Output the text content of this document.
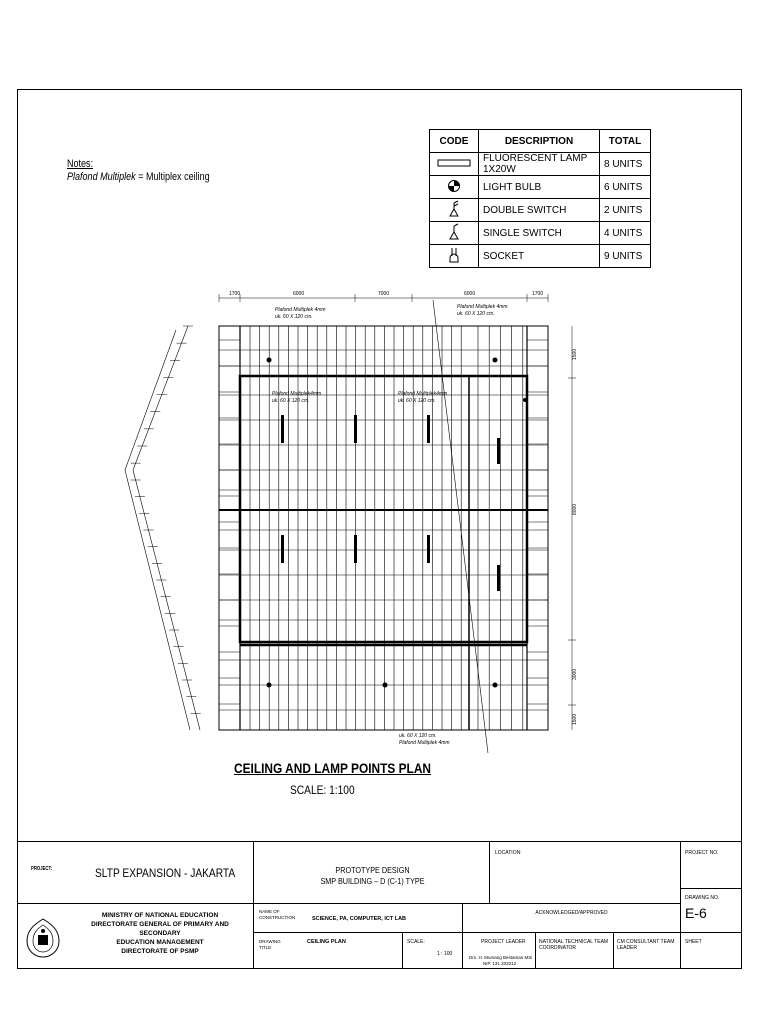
Notes:
Plafond Multiplek = Multiplex ceiling
CODE	DESCRIPTION	TOTAL
	FLUORESCENT LAMP 1X20W	8 UNITS
	LIGHT BULB	6 UNITS
	DOUBLE SWITCH	2 UNITS
	SINGLE SWITCH	4 UNITS
	SOCKET	9 UNITS
1700	6000	7000	6000	1700
Plafond Multiplek 4mm
uk. 60 X 120 cm.
Plafond Multiplek 4mm
uk. 60 X 120 cm.
Plafond Multiplek4mm
uk. 60 X 120 cm.
Plafond Multiplek4mm
uk. 60 X 120 cm.
uk. 60 X 120 cm.
Plafond Multiplek 4mm
1500
8000
3000
1500
CEILING AND LAMP POINTS PLAN
SCALE: 1:100
PROJECT:	SLTP EXPANSION - JAKARTA	PROTOTYPE DESIGN
SMP BUILDING – D (C-1) TYPE
LOCATION:	PROJECT NO.
DRAWING NO.
E-6
MINISTRY OF NATIONAL EDUCATION
DIRECTORATE GENERAL OF PRIMARY AND SECONDARY
EDUCATION MANAGEMENT
DIRECTORATE OF PSMP
NAME OF CONSTRUCTION	SCIENCE, PA, COMPUTER, ICT LAB
ACKNOWLEDGED/APPROVED
DRAWING TITLE
CEILING PLAN	SCALE:
1 : 100
PROJECT LEADER
Drs. H. Mumang Bestaman MSi
NIP. 131 203212
NATIONAL TECHNICAL TEAM COORDINATOR
CM CONSULTANT TEAM LEADER
SHEET
